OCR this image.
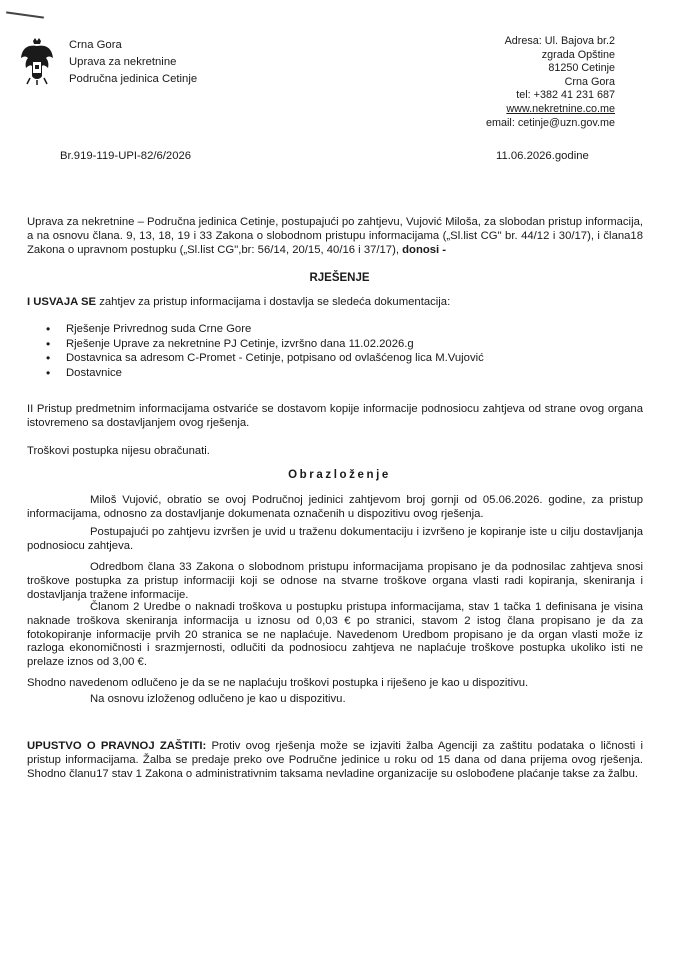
Crna Gora
Uprava za nekretnine
Područna jedinica Cetinje
Adresa: Ul. Bajova br.2
zgrada Opštine
81250 Cetinje
Crna Gora
tel: +382 41 231 687
www.nekretnine.co.me
email: cetinje@uzn.gov.me
Br.919-119-UPI-82/6/2026	11.06.2026.godine
Uprava za nekretnine – Područna jedinica Cetinje, postupajući po zahtjevu, Vujović Miloša, za slobodan pristup informacija, a na osnovu člana. 9, 13, 18, 19 i 33 Zakona o slobodnom pristupu informacijama („Sl.list CG" br. 44/12 i 30/17), i člana18 Zakona o upravnom postupku („Sl.list CG",br: 56/14, 20/15, 40/16 i 37/17), donosi -
RJEŠENJE
I USVAJA SE zahtjev za pristup informacijama i dostavlja se sledeća dokumentacija:
• Rješenje Privrednog suda Crne Gore
• Rješenje Uprave za nekretnine PJ Cetinje, izvršno dana 11.02.2026.g
• Dostavnica sa adresom C-Promet - Cetinje, potpisano od ovlašćenog lica M.Vujović
• Dostavnice
II Pristup predmetnim informacijama ostvariće se dostavom kopije informacije podnosiocu zahtjeva od strane ovog organa istovremeno sa dostavljanjem ovog rješenja.
Troškovi postupka nijesu obračunati.
Obrazloženje
Miloš Vujović, obratio se ovoj Područnoj jedinici zahtjevom broj gornji od 05.06.2026. godine, za pristup informacijama, odnosno za dostavljanje dokumenata označenih u dispozitivu ovog rješenja.
Postupajući po zahtjevu izvršen je uvid u traženu dokumentaciju i izvršeno je kopiranje iste u cilju dostavljanja podnosiocu zahtjeva.
Odredbom člana 33 Zakona o slobodnom pristupu informacijama propisano je da podnosilac zahtjeva snosi troškove postupka za pristup informaciji koji se odnose na stvarne troškove organa vlasti radi kopiranja, skeniranja i dostavljanja tražene informacije.
Članom 2 Uredbe o naknadi troškova u postupku pristupa informacijama, stav 1 tačka 1 definisana je visina naknade troškova skeniranja informacija u iznosu od 0,03 € po stranici, stavom 2 istog člana propisano je da za fotokopiranje informacije prvih 20 stranica se ne naplaćuje. Navedenom Uredbom propisano je da organ vlasti može iz razloga ekonomičnosti i srazmjernosti, odlučiti da podnosiocu zahtjeva ne naplaćuje troškove postupka ukoliko isti ne prelaze iznos od 3,00 €.
Shodno navedenom odlučeno je da se ne naplaćuju troškovi postupka i riješeno je kao u dispozitivu.
Na osnovu izloženog odlučeno je kao u dispozitivu.
UPUSTVO O PRAVNOJ ZAŠTITI: Protiv ovog rješenja može se izjaviti žalba Agenciji za zaštitu podataka o ličnosti i pristup informacijama. Žalba se predaje preko ove Područne jedinice u roku od 15 dana od dana prijema ovog rješenja. Shodno članu17 stav 1 Zakona o administrativnim taksama nevladine organizacije su oslobođene plaćanje takse za žalbu.
